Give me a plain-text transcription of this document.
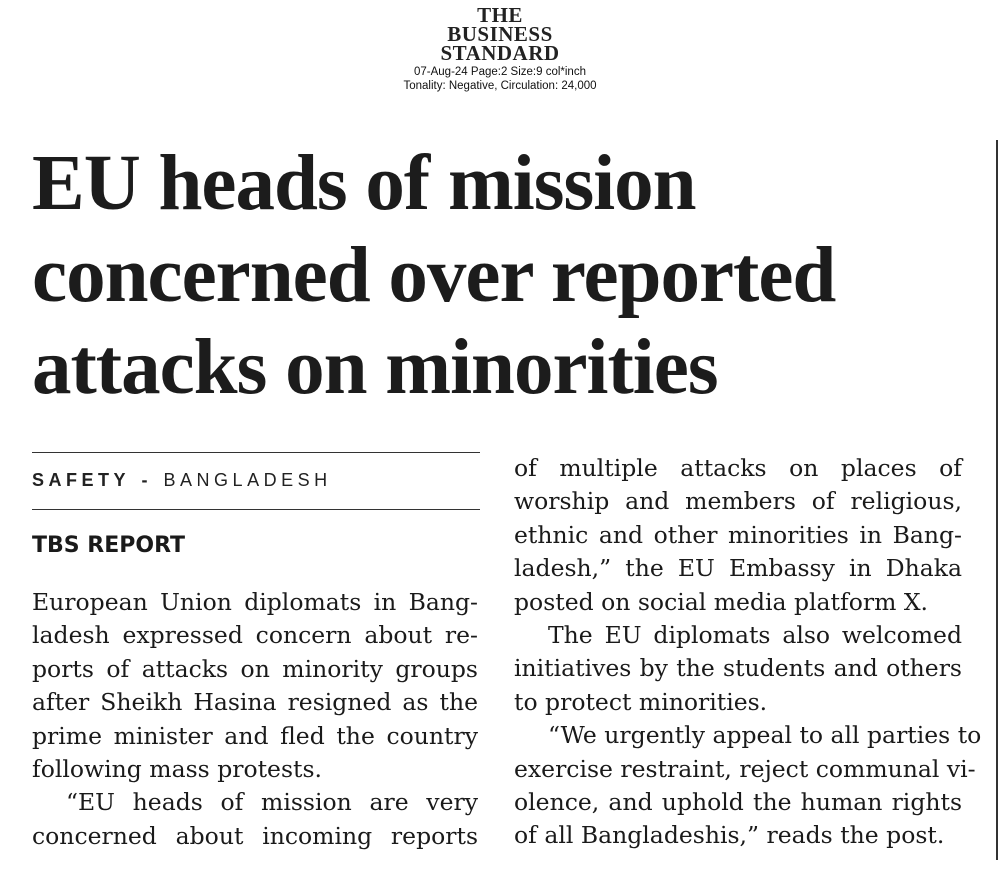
THE
BUSINESS
STANDARD
07-Aug-24 Page:2 Size:9 col*inch
Tonality: Negative, Circulation: 24,000
EU heads of mission
concerned over reported
attacks on minorities
SAFETY - BANGLADESH
TBS REPORT
European Union diplomats in Bang-
ladesh expressed concern about re-
ports of attacks on minority groups
after Sheikh Hasina resigned as the
prime minister and fled the country
following mass protests.
“EU heads of mission are very
concerned about incoming reports
of multiple attacks on places of
worship and members of religious,
ethnic and other minorities in Bang-
ladesh,” the EU Embassy in Dhaka
posted on social media platform X.
The EU diplomats also welcomed
initiatives by the students and others
to protect minorities.
“We urgently appeal to all parties to
exercise restraint, reject communal vi-
olence, and uphold the human rights
of all Bangladeshis,” reads the post.
